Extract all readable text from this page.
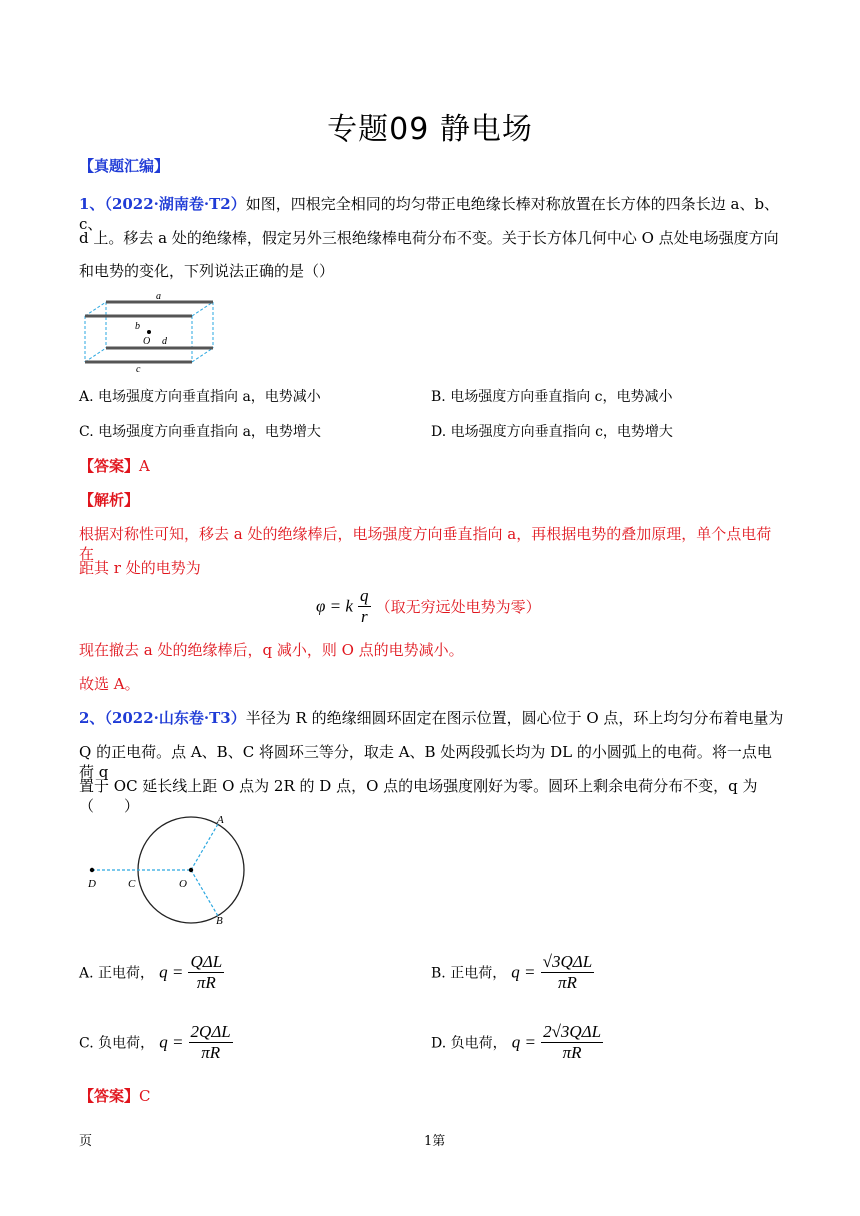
专题09 静电场
【真题汇编】
1、（2022·湖南卷·T2）如图，四根完全相同的均匀带正电绝缘长棒对称放置在长方体的四条长边 a、b、c、
d 上。移去 a 处的绝缘棒，假定另外三根绝缘棒电荷分布不变。关于长方体几何中心 O 点处电场强度方向
和电势的变化，下列说法正确的是（）
a
b
O d
c
A. 电场强度方向垂直指向 a，电势减小	B. 电场强度方向垂直指向 c，电势减小
C. 电场强度方向垂直指向 a，电势增大	D. 电场强度方向垂直指向 c，电势增大
【答案】A
【解析】
根据对称性可知，移去 a 处的绝缘棒后，电场强度方向垂直指向 a，再根据电势的叠加原理，单个点电荷在
距其 r 处的电势为
φ = k $\frac{q}{r}$ （取无穷远处电势为零）
现在撤去 a 处的绝缘棒后，q 减小，则 O 点的电势减小。
故选 A。
2、（2022·山东卷·T3）半径为 R 的绝缘细圆环固定在图示位置，圆心位于 O 点，环上均匀分布着电量为
Q 的正电荷。点 A、B、C 将圆环三等分，取走 A、B 处两段弧长均为 DL 的小圆弧上的电荷。将一点电荷 q
置于 OC 延长线上距 O 点为 2R 的 D 点，O 点的电场强度刚好为零。圆环上剩余电荷分布不变，q 为（　　）
D	C	O
A
B
A. 正电荷， $q = \frac{\text{QΔL}}{\pi R}$	B. 正电荷， $q = \frac{\text{√3QΔL}}{\pi R}$
C. 负电荷， $q = \frac{\text{2QΔL}}{\pi R}$	D. 负电荷， $q = \frac{\text{2√3QΔL}}{\pi R}$
【答案】C
页	1第
